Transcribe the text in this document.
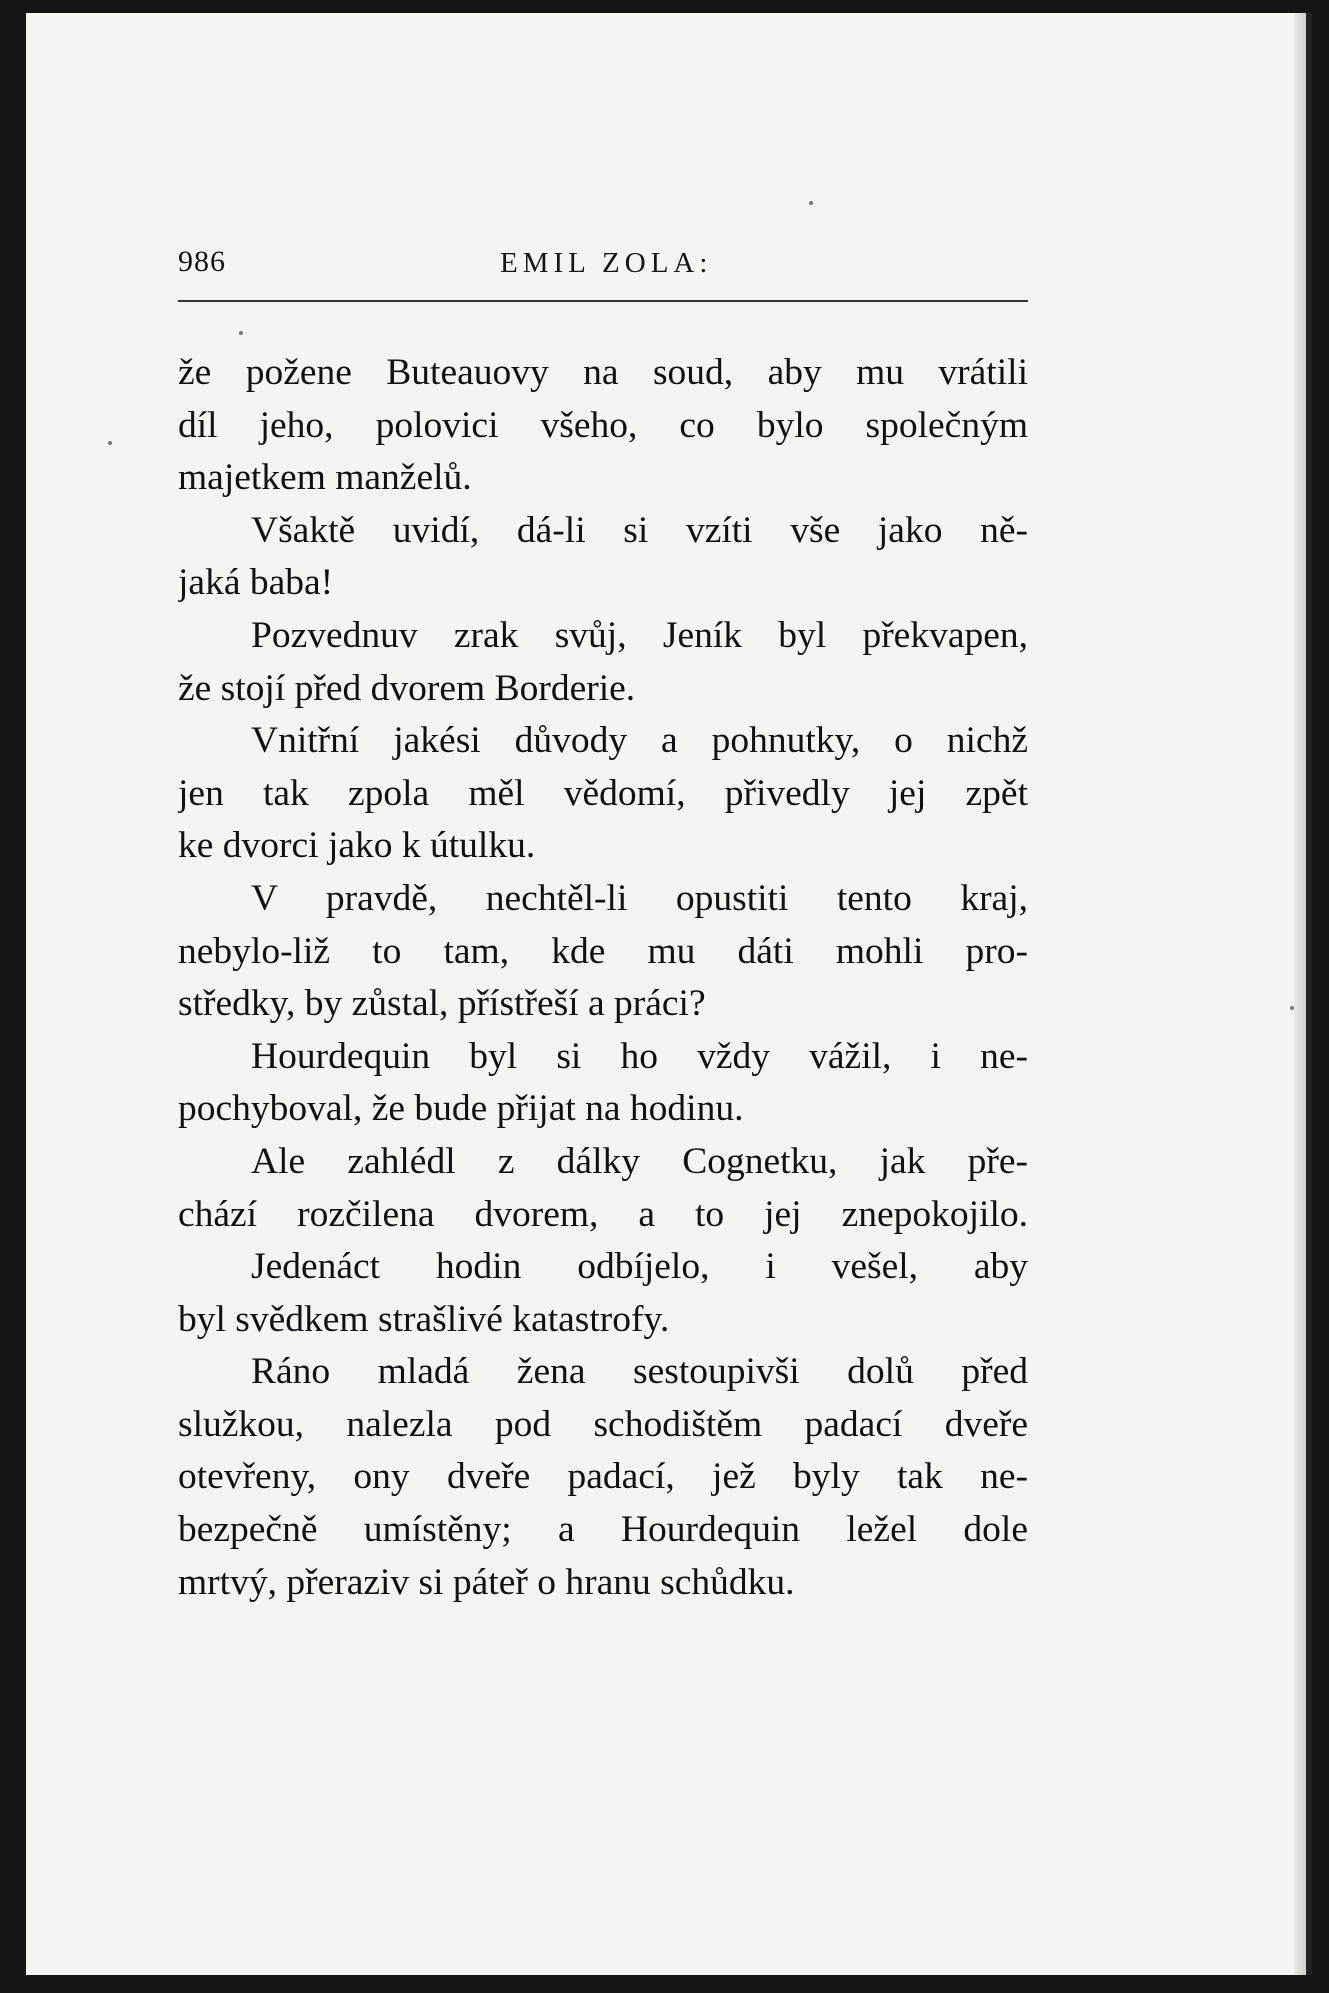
986	EMIL ZOLA:
že požene Buteauovy na soud, aby mu vrátili
díl jeho, polovici všeho, co bylo společným
majetkem manželů.
Všaktě uvidí, dá-li si vzíti vše jako ně-
jaká baba!
Pozvednuv zrak svůj, Jeník byl překvapen,
že stojí před dvorem Borderie.
Vnitřní jakési důvody a pohnutky, o nichž
jen tak zpola měl vědomí, přivedly jej zpět
ke dvorci jako k útulku.
V pravdě, nechtěl-li opustiti tento kraj,
nebylo-liž to tam, kde mu dáti mohli pro-
středky, by zůstal, přístřeší a práci?
Hourdequin byl si ho vždy vážil, i ne-
pochyboval, že bude přijat na hodinu.
Ale zahlédl z dálky Cognetku, jak pře-
chází rozčilena dvorem, a to jej znepokojilo.
Jedenáct hodin odbíjelo, i vešel, aby
byl svědkem strašlivé katastrofy.
Ráno mladá žena sestoupivši dolů před
služkou, nalezla pod schodištěm padací dveře
otevřeny, ony dveře padací, jež byly tak ne-
bezpečně umístěny; a Hourdequin ležel dole
mrtvý, přeraziv si páteř o hranu schůdku.
